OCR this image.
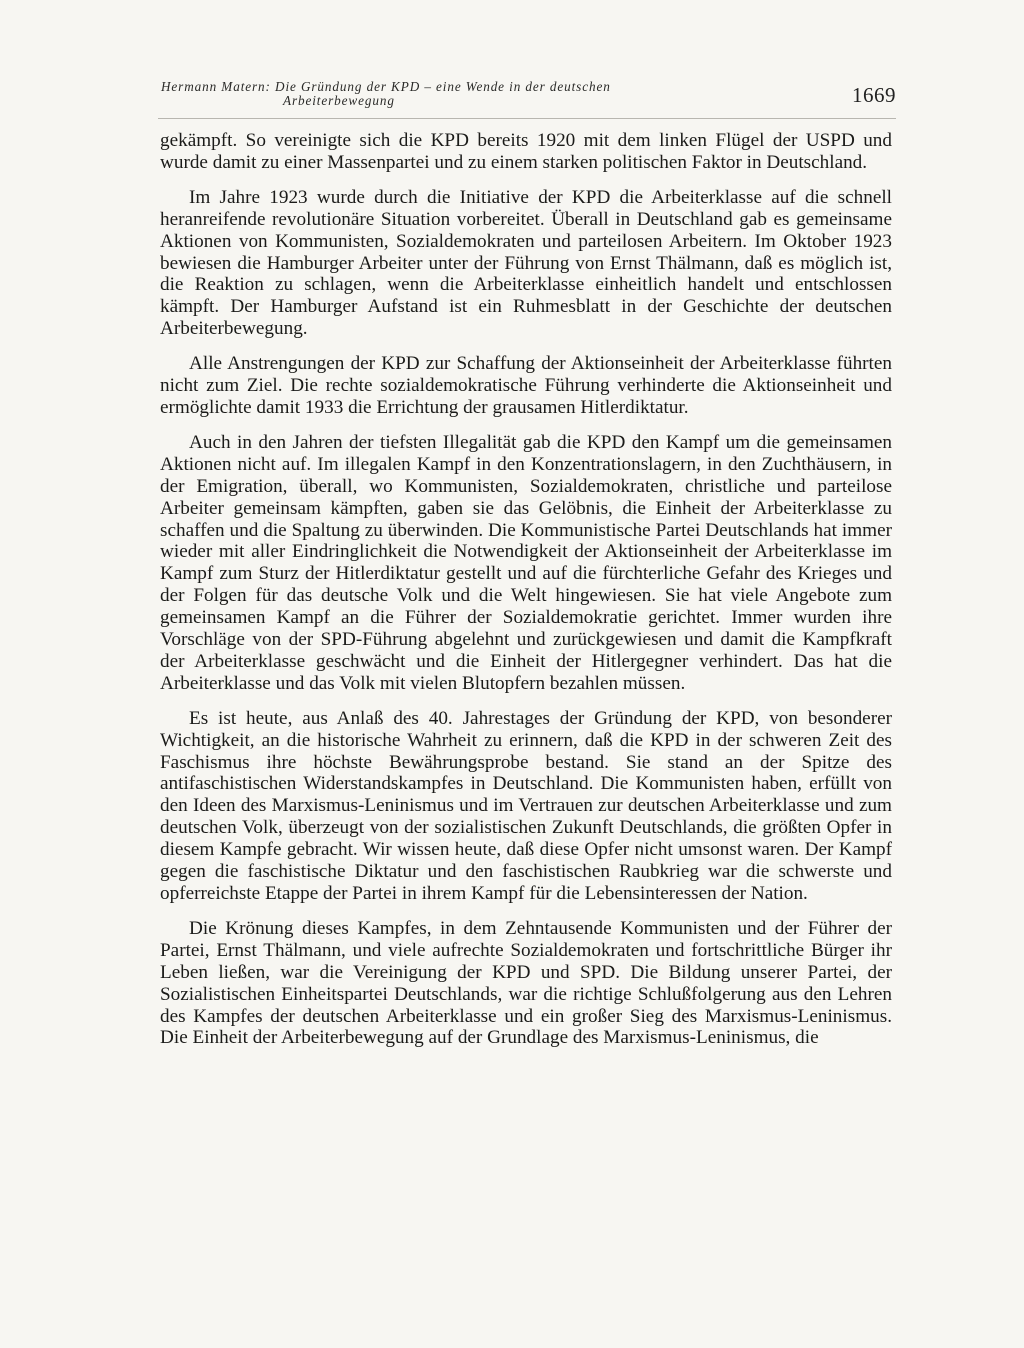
Hermann Matern: Die Gründung der KPD – eine Wende in der deutschen
Arbeiterbewegung	1669

gekämpft. So vereinigte sich die KPD bereits 1920 mit dem linken Flügel der USPD und wurde damit zu einer Massenpartei und zu einem starken politischen Faktor in Deutschland.

Im Jahre 1923 wurde durch die Initiative der KPD die Arbeiterklasse auf die schnell heranreifende revolutionäre Situation vorbereitet. Überall in Deutschland gab es gemeinsame Aktionen von Kommunisten, Sozialdemokraten und parteilosen Arbeitern. Im Oktober 1923 bewiesen die Hamburger Arbeiter unter der Führung von Ernst Thälmann, daß es möglich ist, die Reaktion zu schlagen, wenn die Arbeiterklasse einheitlich handelt und entschlossen kämpft. Der Hamburger Aufstand ist ein Ruhmesblatt in der Geschichte der deutschen Arbeiterbewegung.

Alle Anstrengungen der KPD zur Schaffung der Aktionseinheit der Arbeiterklasse führten nicht zum Ziel. Die rechte sozialdemokratische Führung verhinderte die Aktionseinheit und ermöglichte damit 1933 die Errichtung der grausamen Hitlerdiktatur.

Auch in den Jahren der tiefsten Illegalität gab die KPD den Kampf um die gemeinsamen Aktionen nicht auf. Im illegalen Kampf in den Konzentrationslagern, in den Zuchthäusern, in der Emigration, überall, wo Kommunisten, Sozialdemokraten, christliche und parteilose Arbeiter gemeinsam kämpften, gaben sie das Gelöbnis, die Einheit der Arbeiterklasse zu schaffen und die Spaltung zu überwinden. Die Kommunistische Partei Deutschlands hat immer wieder mit aller Eindringlichkeit die Notwendigkeit der Aktionseinheit der Arbeiterklasse im Kampf zum Sturz der Hitlerdiktatur gestellt und auf die fürchterliche Gefahr des Krieges und der Folgen für das deutsche Volk und die Welt hingewiesen. Sie hat viele Angebote zum gemeinsamen Kampf an die Führer der Sozialdemokratie gerichtet. Immer wurden ihre Vorschläge von der SPD-Führung abgelehnt und zurückgewiesen und damit die Kampfkraft der Arbeiterklasse geschwächt und die Einheit der Hitlergegner verhindert. Das hat die Arbeiterklasse und das Volk mit vielen Blutopfern bezahlen müssen.

Es ist heute, aus Anlaß des 40. Jahrestages der Gründung der KPD, von besonderer Wichtigkeit, an die historische Wahrheit zu erinnern, daß die KPD in der schweren Zeit des Faschismus ihre höchste Bewährungsprobe bestand. Sie stand an der Spitze des antifaschistischen Widerstandskampfes in Deutschland. Die Kommunisten haben, erfüllt von den Ideen des Marxismus-Leninismus und im Vertrauen zur deutschen Arbeiterklasse und zum deutschen Volk, überzeugt von der sozialistischen Zukunft Deutschlands, die größten Opfer in diesem Kampfe gebracht. Wir wissen heute, daß diese Opfer nicht umsonst waren. Der Kampf gegen die faschistische Diktatur und den faschistischen Raubkrieg war die schwerste und opferreichste Etappe der Partei in ihrem Kampf für die Lebensinteressen der Nation.

Die Krönung dieses Kampfes, in dem Zehntausende Kommunisten und der Führer der Partei, Ernst Thälmann, und viele aufrechte Sozialdemokraten und fortschrittliche Bürger ihr Leben ließen, war die Vereinigung der KPD und SPD. Die Bildung unserer Partei, der Sozialistischen Einheitspartei Deutschlands, war die richtige Schlußfolgerung aus den Lehren des Kampfes der deutschen Arbeiterklasse und ein großer Sieg des Marxismus-Leninismus. Die Einheit der Arbeiterbewegung auf der Grundlage des Marxismus-Leninismus, die
